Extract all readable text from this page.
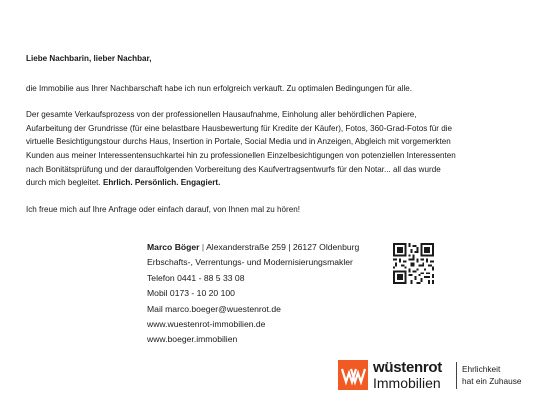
Liebe Nachbarin, lieber Nachbar,

die Immobilie aus Ihrer Nachbarschaft habe ich nun erfolgreich verkauft. Zu optimalen Bedingungen für alle.

Der gesamte Verkaufsprozess von der professionellen Hausaufnahme, Einholung aller behördlichen Papiere,
Aufarbeitung der Grundrisse (für eine belastbare Hausbewertung für Kredite der Käufer), Fotos, 360-Grad-Fotos für die
virtuelle Besichtigungstour durchs Haus, Insertion in Portale, Social Media und in Anzeigen, Abgleich mit vorgemerkten
Kunden aus meiner Interessentensuchkartei hin zu professionellen Einzelbesichtigungen von potenziellen Interessenten
nach Bonitätsprüfung und der darauffolgenden Vorbereitung des Kaufvertragsentwurfs für den Notar... all das wurde
durch mich begleitet. Ehrlich. Persönlich. Engagiert.

Ich freue mich auf Ihre Anfrage oder einfach darauf, von Ihnen mal zu hören!

Marco Böger | Alexanderstraße 259 | 26127 Oldenburg
Erbschafts-, Verrentungs- und Modernisierungsmakler
Telefon 0441 - 88 5 33 08
Mobil 0173 - 10 20 100
Mail marco.boeger@wuestenrot.de
www.wuestenrot-immobilien.de
www.boeger.immobilien
wüstenrot
Immobilien
Ehrlichkeit
hat ein Zuhause
